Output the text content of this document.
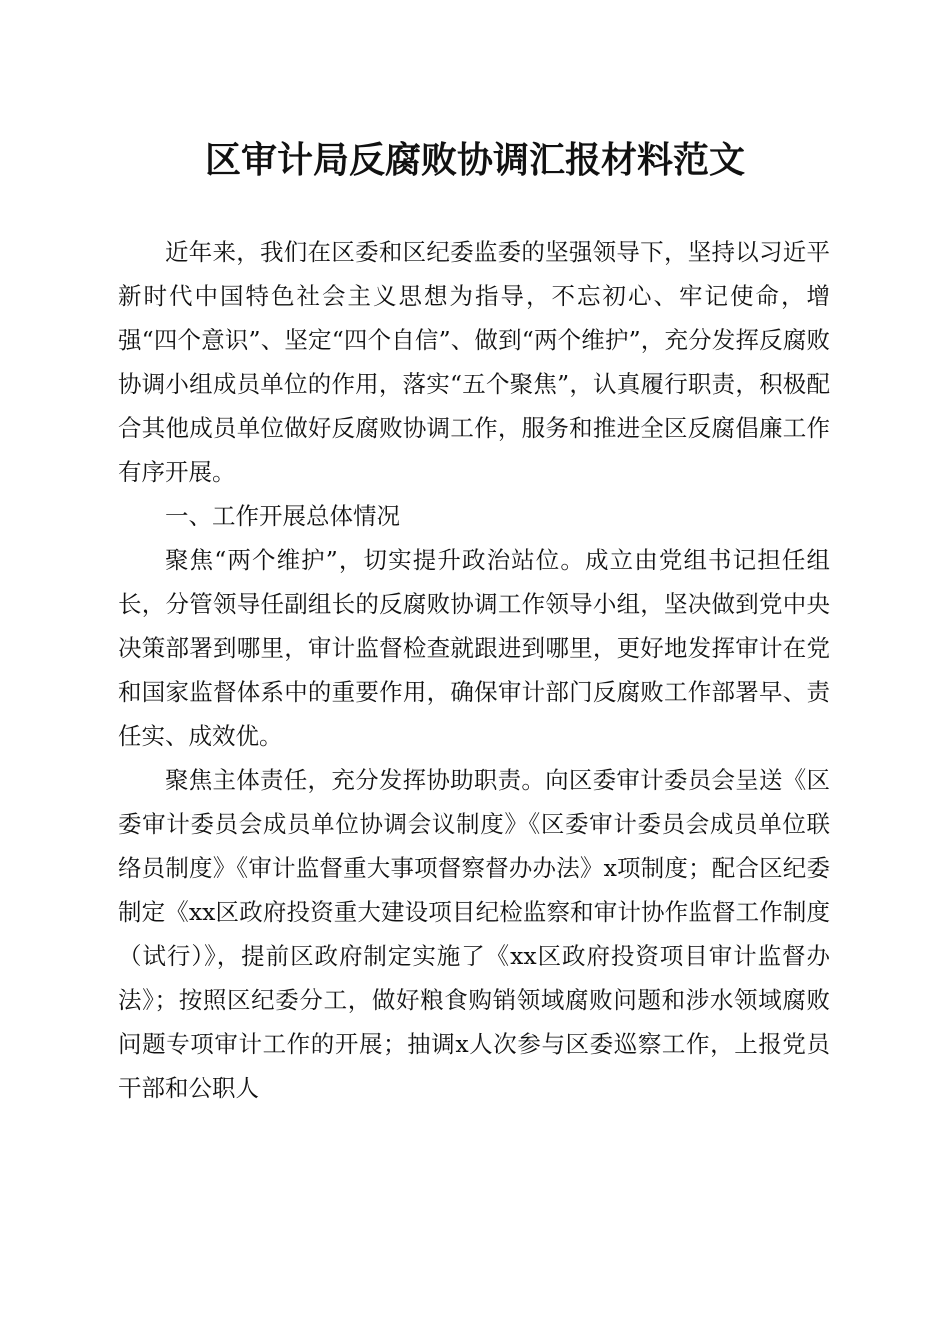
区审计局反腐败协调汇报材料范文

近年来，我们在区委和区纪委监委的坚强领导下，坚持以习近平新时代中国特色社会主义思想为指导，不忘初心、牢记使命，增强“四个意识”、坚定“四个自信”、做到“两个维护”，充分发挥反腐败协调小组成员单位的作用，落实“五个聚焦”，认真履行职责，积极配合其他成员单位做好反腐败协调工作，服务和推进全区反腐倡廉工作有序开展。

一、工作开展总体情况

聚焦“两个维护”，切实提升政治站位。成立由党组书记担任组长，分管领导任副组长的反腐败协调工作领导小组，坚决做到党中央决策部署到哪里，审计监督检查就跟进到哪里，更好地发挥审计在党和国家监督体系中的重要作用，确保审计部门反腐败工作部署早、责任实、成效优。

聚焦主体责任，充分发挥协助职责。向区委审计委员会呈送《区委审计委员会成员单位协调会议制度》《区委审计委员会成员单位联络员制度》《审计监督重大事项督察督办办法》x项制度；配合区纪委制定《xx区政府投资重大建设项目纪检监察和审计协作监督工作制度（试行）》，提前区政府制定实施了《xx区政府投资项目审计监督办法》；按照区纪委分工，做好粮食购销领域腐败问题和涉水领域腐败问题专项审计工作的开展；抽调x人次参与区委巡察工作，上报党员干部和公职人
